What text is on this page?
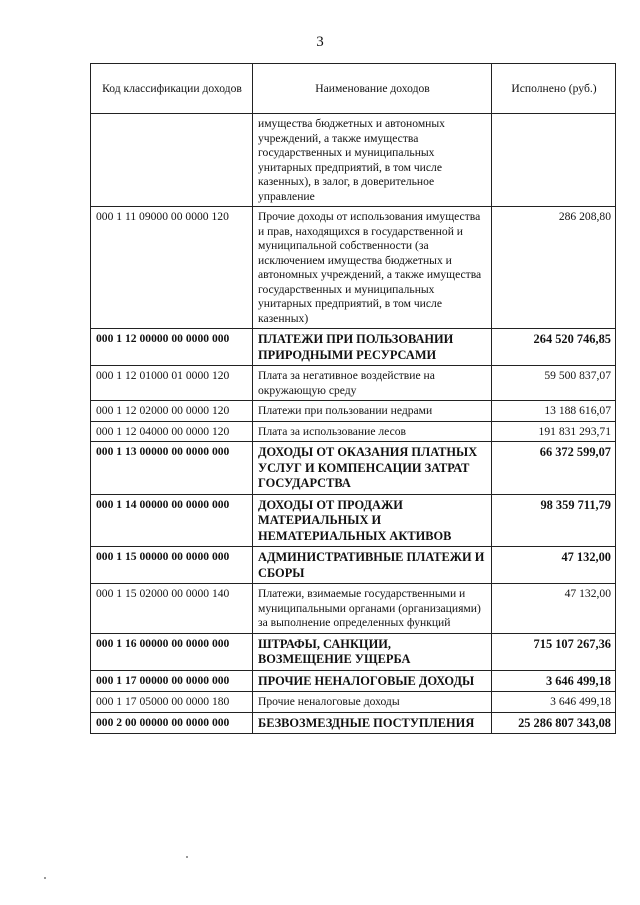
3
Код классификации доходов	Наименование доходов	Исполнено (руб.)
	имущества бюджетных и автономных учреждений, а также имущества государственных и муниципальных унитарных предприятий, в том числе казенных), в залог, в доверительное управление	
000 1 11 09000 00 0000 120	Прочие доходы от использования имущества и прав, находящихся в государственной и муниципальной собственности (за исключением имущества бюджетных и автономных учреждений, а также имущества государственных и муниципальных унитарных предприятий, в том числе казенных)	286 208,80
000 1 12 00000 00 0000 000	ПЛАТЕЖИ ПРИ ПОЛЬЗОВАНИИ ПРИРОДНЫМИ РЕСУРСАМИ	264 520 746,85
000 1 12 01000 01 0000 120	Плата за негативное воздействие на окружающую среду	59 500 837,07
000 1 12 02000 00 0000 120	Платежи при пользовании недрами	13 188 616,07
000 1 12 04000 00 0000 120	Плата за использование лесов	191 831 293,71
000 1 13 00000 00 0000 000	ДОХОДЫ ОТ ОКАЗАНИЯ ПЛАТНЫХ УСЛУГ И КОМПЕНСАЦИИ ЗАТРАТ ГОСУДАРСТВА	66 372 599,07
000 1 14 00000 00 0000 000	ДОХОДЫ ОТ ПРОДАЖИ МАТЕРИАЛЬНЫХ И НЕМАТЕРИАЛЬНЫХ АКТИВОВ	98 359 711,79
000 1 15 00000 00 0000 000	АДМИНИСТРАТИВНЫЕ ПЛАТЕЖИ И СБОРЫ	47 132,00
000 1 15 02000 00 0000 140	Платежи, взимаемые государственными и муниципальными органами (организациями) за выполнение определенных функций	47 132,00
000 1 16 00000 00 0000 000	ШТРАФЫ, САНКЦИИ, ВОЗМЕЩЕНИЕ УЩЕРБА	715 107 267,36
000 1 17 00000 00 0000 000	ПРОЧИЕ НЕНАЛОГОВЫЕ ДОХОДЫ	3 646 499,18
000 1 17 05000 00 0000 180	Прочие неналоговые доходы	3 646 499,18
000 2 00 00000 00 0000 000	БЕЗВОЗМЕЗДНЫЕ ПОСТУПЛЕНИЯ	25 286 807 343,08
